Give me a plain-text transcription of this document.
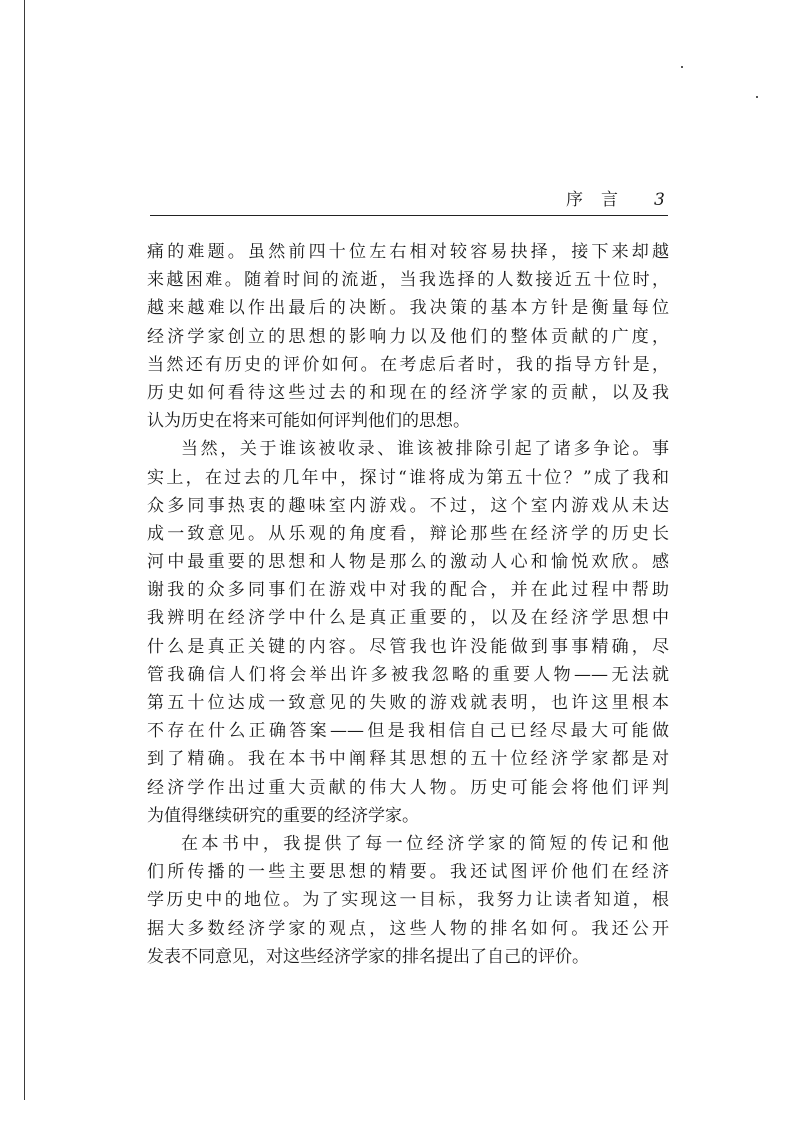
序言 3
痛的难题。虽然前四十位左右相对较容易抉择，接下来却越
来越困难。随着时间的流逝，当我选择的人数接近五十位时，
越来越难以作出最后的决断。我决策的基本方针是衡量每位
经济学家创立的思想的影响力以及他们的整体贡献的广度，
当然还有历史的评价如何。在考虑后者时，我的指导方针是，
历史如何看待这些过去的和现在的经济学家的贡献，以及我
认为历史在将来可能如何评判他们的思想。
当然，关于谁该被收录、谁该被排除引起了诸多争论。事
实上，在过去的几年中，探讨“谁将成为第五十位？”成了我和
众多同事热衷的趣味室内游戏。不过，这个室内游戏从未达
成一致意见。从乐观的角度看，辩论那些在经济学的历史长
河中最重要的思想和人物是那么的激动人心和愉悦欢欣。感
谢我的众多同事们在游戏中对我的配合，并在此过程中帮助
我辨明在经济学中什么是真正重要的，以及在经济学思想中
什么是真正关键的内容。尽管我也许没能做到事事精确，尽
管我确信人们将会举出许多被我忽略的重要人物——无法就
第五十位达成一致意见的失败的游戏就表明，也许这里根本
不存在什么正确答案——但是我相信自己已经尽最大可能做
到了精确。我在本书中阐释其思想的五十位经济学家都是对
经济学作出过重大贡献的伟大人物。历史可能会将他们评判
为值得继续研究的重要的经济学家。
在本书中，我提供了每一位经济学家的简短的传记和他
们所传播的一些主要思想的精要。我还试图评价他们在经济
学历史中的地位。为了实现这一目标，我努力让读者知道，根
据大多数经济学家的观点，这些人物的排名如何。我还公开
发表不同意见，对这些经济学家的排名提出了自己的评价。
